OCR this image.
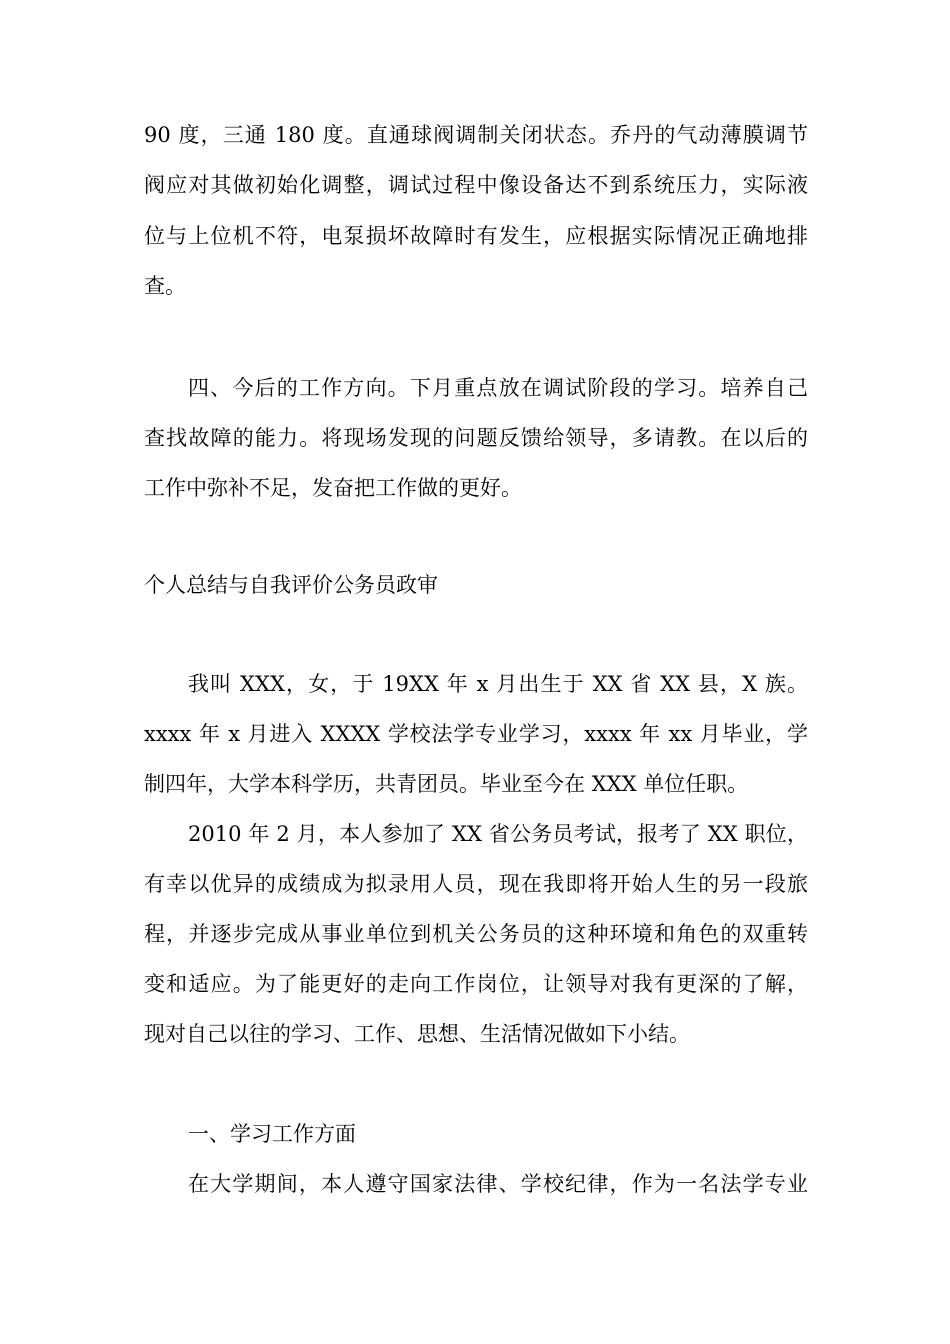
90 度，三通 180 度。直通球阀调制关闭状态。乔丹的气动薄膜调节
阀应对其做初始化调整，调试过程中像设备达不到系统压力，实际液
位与上位机不符，电泵损坏故障时有发生，应根据实际情况正确地排
查。
四、今后的工作方向。下月重点放在调试阶段的学习。培养自己
查找故障的能力。将现场发现的问题反馈给领导，多请教。在以后的
工作中弥补不足，发奋把工作做的更好。
个人总结与自我评价公务员政审
我叫 XXX，女，于 19XX 年 x 月出生于 XX 省 XX 县，X 族。
xxxx 年 x 月进入 XXXX 学校法学专业学习，xxxx 年 xx 月毕业，学
制四年，大学本科学历，共青团员。毕业至今在 XXX 单位任职。
2010 年 2 月，本人参加了 XX 省公务员考试，报考了 XX 职位，
有幸以优异的成绩成为拟录用人员，现在我即将开始人生的另一段旅
程，并逐步完成从事业单位到机关公务员的这种环境和角色的双重转
变和适应。为了能更好的走向工作岗位，让领导对我有更深的了解，
现对自己以往的学习、工作、思想、生活情况做如下小结。
一、学习工作方面
在大学期间，本人遵守国家法律、学校纪律，作为一名法学专业
